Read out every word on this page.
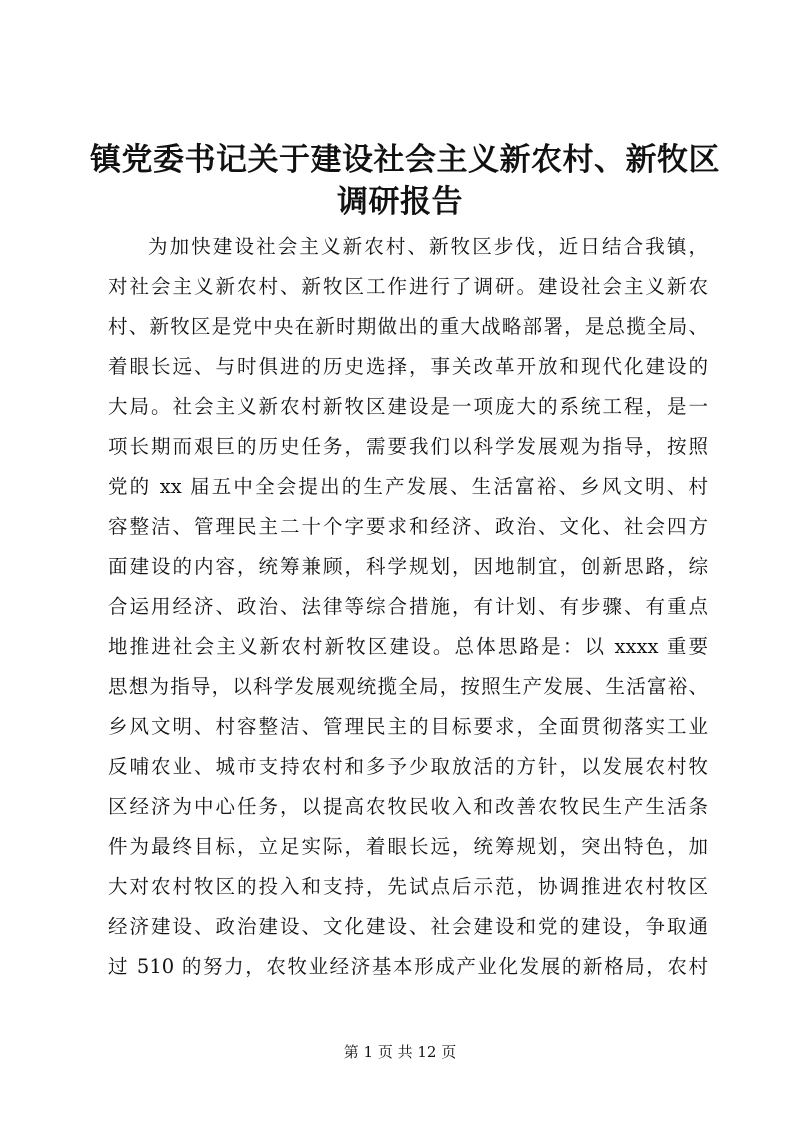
镇党委书记关于建设社会主义新农村、新牧区
调研报告
为加快建设社会主义新农村、新牧区步伐，近日结合我镇，
对社会主义新农村、新牧区工作进行了调研。建设社会主义新农
村、新牧区是党中央在新时期做出的重大战略部署，是总揽全局、
着眼长远、与时俱进的历史选择，事关改革开放和现代化建设的
大局。社会主义新农村新牧区建设是一项庞大的系统工程，是一
项长期而艰巨的历史任务，需要我们以科学发展观为指导，按照
党的 xx 届五中全会提出的生产发展、生活富裕、乡风文明、村
容整洁、管理民主二十个字要求和经济、政治、文化、社会四方
面建设的内容，统筹兼顾，科学规划，因地制宜，创新思路，综
合运用经济、政治、法律等综合措施，有计划、有步骤、有重点
地推进社会主义新农村新牧区建设。总体思路是：以 xxxx 重要
思想为指导，以科学发展观统揽全局，按照生产发展、生活富裕、
乡风文明、村容整洁、管理民主的目标要求，全面贯彻落实工业
反哺农业、城市支持农村和多予少取放活的方针，以发展农村牧
区经济为中心任务，以提高农牧民收入和改善农牧民生产生活条
件为最终目标，立足实际，着眼长远，统筹规划，突出特色，加
大对农村牧区的投入和支持，先试点后示范，协调推进农村牧区
经济建设、政治建设、文化建设、社会建设和党的建设，争取通
过 510 的努力，农牧业经济基本形成产业化发展的新格局，农村
第 1 页 共 12 页
